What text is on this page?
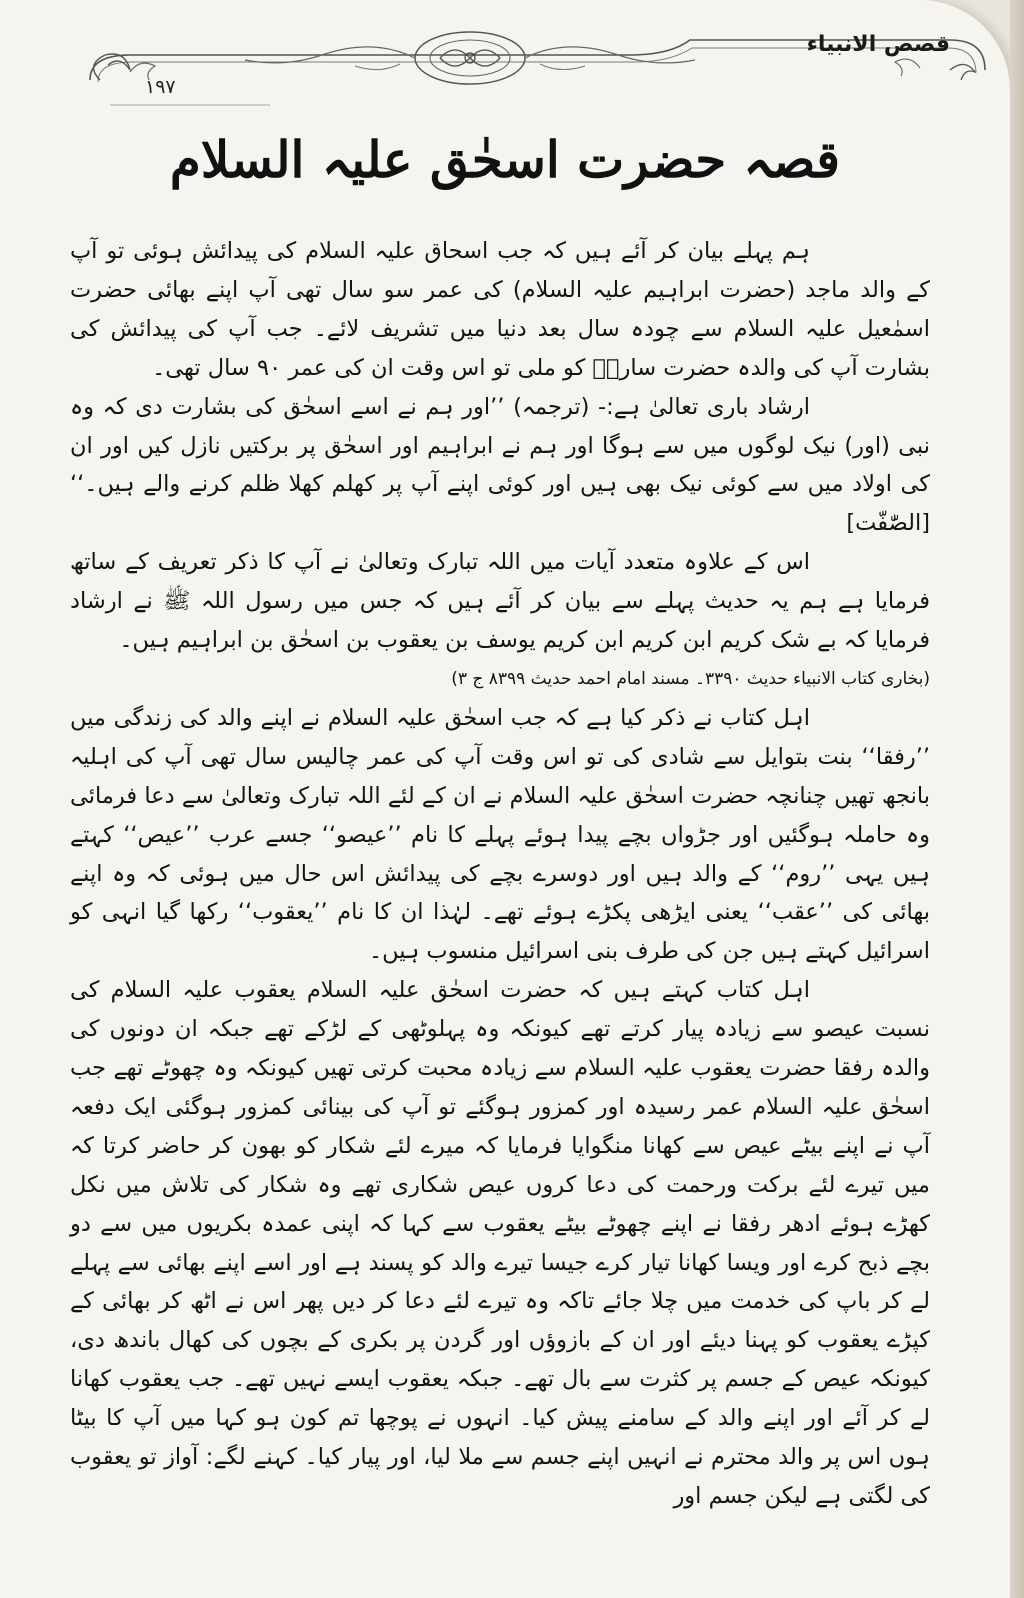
قصص الانبياء
۱۹۷
قصہ حضرت اسحٰق علیہ السلام

ہم پہلے بیان کر آئے ہیں کہ جب اسحاق علیہ السلام کی پیدائش ہوئی تو آپ کے والد ماجد (حضرت ابراہیم علیہ السلام) کی عمر سو سال تھی آپ اپنے بھائی حضرت اسمٰعیل علیہ السلام سے چودہ سال بعد دنیا میں تشریف لائے۔ جب آپ کی پیدائش کی بشارت آپ کی والدہ حضرت سارہؑ کو ملی تو اس وقت ان کی عمر ۹۰ سال تھی۔

ارشاد باری تعالیٰ ہے:- (ترجمہ) ’’اور ہم نے اسے اسحٰق کی بشارت دی کہ وہ نبی (اور) نیک لوگوں میں سے ہوگا اور ہم نے ابراہیم اور اسحٰق پر برکتیں نازل کیں اور ان کی اولاد میں سے کوئی نیک بھی ہیں اور کوئی اپنے آپ پر کھلم کھلا ظلم کرنے والے ہیں۔‘‘ [الصّٰفّت]

اس کے علاوہ متعدد آیات میں اللہ تبارک وتعالیٰ نے آپ کا ذکر تعریف کے ساتھ فرمایا ہے ہم یہ حدیث پہلے سے بیان کر آئے ہیں کہ جس میں رسول اللہ ﷺ نے ارشاد فرمایا کہ بے شک کریم ابن کریم ابن کریم یوسف بن یعقوب بن اسحٰق بن ابراہیم ہیں۔

(بخاری کتاب الانبیاء حدیث ۳۳۹۰۔ مسند امام احمد حدیث ۸۳۹۹ ج ۳)

اہل کتاب نے ذکر کیا ہے کہ جب اسحٰق علیہ السلام نے اپنے والد کی زندگی میں ’’رفقا‘‘ بنت بتوایل سے شادی کی تو اس وقت آپ کی عمر چالیس سال تھی آپ کی اہلیہ بانجھ تھیں چنانچہ حضرت اسحٰق علیہ السلام نے ان کے لئے اللہ تبارک وتعالیٰ سے دعا فرمائی وہ حاملہ ہوگئیں اور جڑواں بچے پیدا ہوئے پہلے کا نام ’’عیصو‘‘ جسے عرب ’’عیص‘‘ کہتے ہیں یہی ’’روم‘‘ کے والد ہیں اور دوسرے بچے کی پیدائش اس حال میں ہوئی کہ وہ اپنے بھائی کی ’’عقب‘‘ یعنی ایڑھی پکڑے ہوئے تھے۔ لہٰذا ان کا نام ’’یعقوب‘‘ رکھا گیا انہی کو اسرائیل کہتے ہیں جن کی طرف بنی اسرائیل منسوب ہیں۔

اہل کتاب کہتے ہیں کہ حضرت اسحٰق علیہ السلام یعقوب علیہ السلام کی نسبت عیصو سے زیادہ پیار کرتے تھے کیونکہ وہ پہلوٹھی کے لڑکے تھے جبکہ ان دونوں کی والدہ رفقا حضرت یعقوب علیہ السلام سے زیادہ محبت کرتی تھیں کیونکہ وہ چھوٹے تھے جب اسحٰق علیہ السلام عمر رسیدہ اور کمزور ہوگئے تو آپ کی بینائی کمزور ہوگئی ایک دفعہ آپ نے اپنے بیٹے عیص سے کھانا منگوایا فرمایا کہ میرے لئے شکار کو بھون کر حاضر کرتا کہ میں تیرے لئے برکت ورحمت کی دعا کروں عیص شکاری تھے وہ شکار کی تلاش میں نکل کھڑے ہوئے ادھر رفقا نے اپنے چھوٹے بیٹے یعقوب سے کہا کہ اپنی عمدہ بکریوں میں سے دو بچے ذبح کرے اور ویسا کھانا تیار کرے جیسا تیرے والد کو پسند ہے اور اسے اپنے بھائی سے پہلے لے کر باپ کی خدمت میں چلا جائے تاکہ وہ تیرے لئے دعا کر دیں پھر اس نے اٹھ کر بھائی کے کپڑے یعقوب کو پہنا دیئے اور ان کے بازوؤں اور گردن پر بکری کے بچوں کی کھال باندھ دی، کیونکہ عیص کے جسم پر کثرت سے بال تھے۔ جبکہ یعقوب ایسے نہیں تھے۔ جب یعقوب کھانا لے کر آئے اور اپنے والد کے سامنے پیش کیا۔ انہوں نے پوچھا تم کون ہو کہا میں آپ کا بیٹا ہوں اس پر والد محترم نے انہیں اپنے جسم سے ملا لیا، اور پیار کیا۔ کہنے لگے: آواز تو یعقوب کی لگتی ہے لیکن جسم اور
